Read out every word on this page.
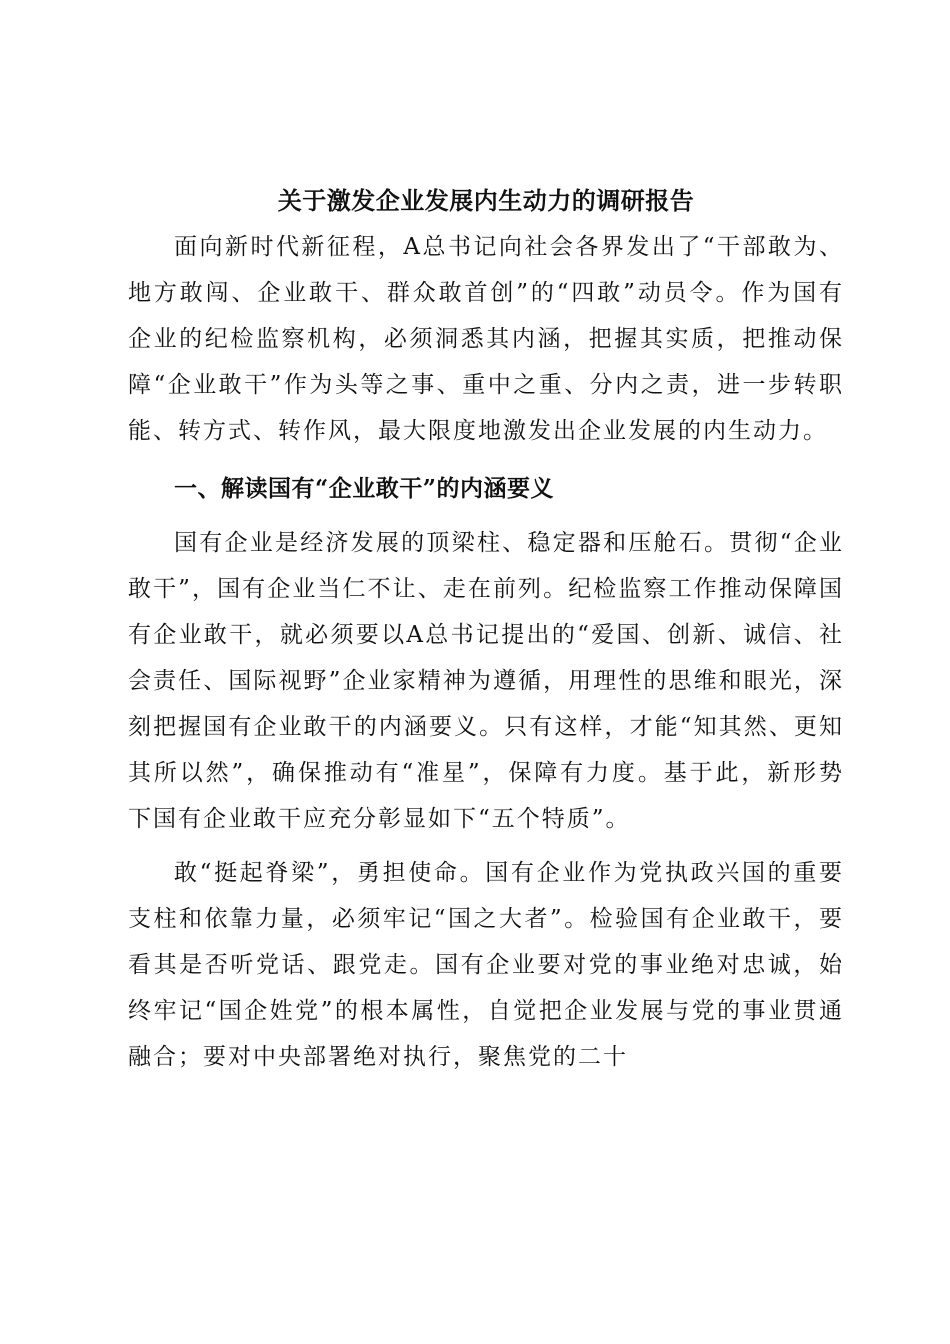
关于激发企业发展内生动力的调研报告

面向新时代新征程，A总书记向社会各界发出了“干部敢为、地方敢闯、企业敢干、群众敢首创”的“四敢”动员令。作为国有企业的纪检监察机构，必须洞悉其内涵，把握其实质，把推动保障“企业敢干”作为头等之事、重中之重、分内之责，进一步转职能、转方式、转作风，最大限度地激发出企业发展的内生动力。

一、解读国有“企业敢干”的内涵要义

国有企业是经济发展的顶梁柱、稳定器和压舱石。贯彻“企业敢干”，国有企业当仁不让、走在前列。纪检监察工作推动保障国有企业敢干，就必须要以A总书记提出的“爱国、创新、诚信、社会责任、国际视野”企业家精神为遵循，用理性的思维和眼光，深刻把握国有企业敢干的内涵要义。只有这样，才能“知其然、更知其所以然”，确保推动有“准星”，保障有力度。基于此，新形势下国有企业敢干应充分彰显如下“五个特质”。

敢“挺起脊梁”，勇担使命。国有企业作为党执政兴国的重要支柱和依靠力量，必须牢记“国之大者”。检验国有企业敢干，要看其是否听党话、跟党走。国有企业要对党的事业绝对忠诚，始终牢记“国企姓党”的根本属性，自觉把企业发展与党的事业贯通融合；要对中央部署绝对执行，聚焦党的二十
